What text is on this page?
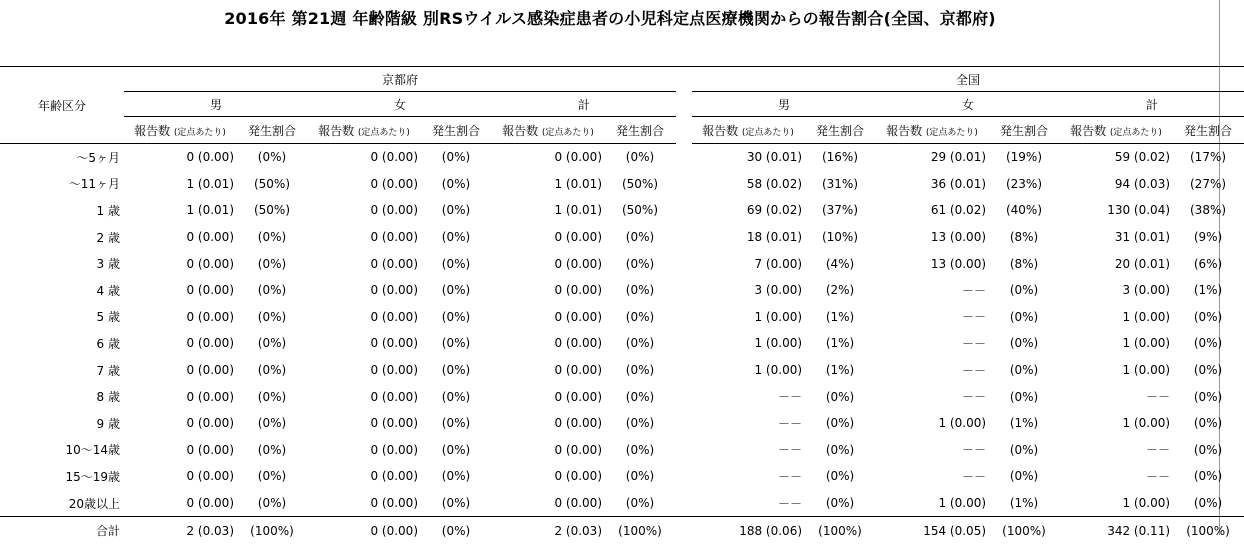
2016年 第21週 年齢階級 別RSウイルス感染症患者の小児科定点医療機関からの報告割合(全国、京都府)
年齢区分	京都府							全国					
	男		女		計			男		女		計	
	報告数 (定点あたり)	発生割合	報告数 (定点あたり)	発生割合	報告数 (定点あたり)	発生割合		報告数 (定点あたり)	発生割合	報告数 (定点あたり)	発生割合	報告数 (定点あたり)	発生割合
～5ヶ月	0 (0.00)	(0%)	0 (0.00)	(0%)	0 (0.00)	(0%)		30 (0.01)	(16%)	29 (0.01)	(19%)	59 (0.02)	(17%)
～11ヶ月	1 (0.01)	(50%)	0 (0.00)	(0%)	1 (0.01)	(50%)		58 (0.02)	(31%)	36 (0.01)	(23%)	94 (0.03)	(27%)
1 歳	1 (0.01)	(50%)	0 (0.00)	(0%)	1 (0.01)	(50%)		69 (0.02)	(37%)	61 (0.02)	(40%)	130 (0.04)	(38%)
2 歳	0 (0.00)	(0%)	0 (0.00)	(0%)	0 (0.00)	(0%)		18 (0.01)	(10%)	13 (0.00)	(8%)	31 (0.01)	(9%)
3 歳	0 (0.00)	(0%)	0 (0.00)	(0%)	0 (0.00)	(0%)		7 (0.00)	(4%)	13 (0.00)	(8%)	20 (0.01)	(6%)
4 歳	0 (0.00)	(0%)	0 (0.00)	(0%)	0 (0.00)	(0%)		3 (0.00)	(2%)	－－	(0%)	3 (0.00)	(1%)
5 歳	0 (0.00)	(0%)	0 (0.00)	(0%)	0 (0.00)	(0%)		1 (0.00)	(1%)	－－	(0%)	1 (0.00)	(0%)
6 歳	0 (0.00)	(0%)	0 (0.00)	(0%)	0 (0.00)	(0%)		1 (0.00)	(1%)	－－	(0%)	1 (0.00)	(0%)
7 歳	0 (0.00)	(0%)	0 (0.00)	(0%)	0 (0.00)	(0%)		1 (0.00)	(1%)	－－	(0%)	1 (0.00)	(0%)
8 歳	0 (0.00)	(0%)	0 (0.00)	(0%)	0 (0.00)	(0%)		－－	(0%)	－－	(0%)	－－	(0%)
9 歳	0 (0.00)	(0%)	0 (0.00)	(0%)	0 (0.00)	(0%)		－－	(0%)	1 (0.00)	(1%)	1 (0.00)	(0%)
10～14歳	0 (0.00)	(0%)	0 (0.00)	(0%)	0 (0.00)	(0%)		－－	(0%)	－－	(0%)	－－	(0%)
15～19歳	0 (0.00)	(0%)	0 (0.00)	(0%)	0 (0.00)	(0%)		－－	(0%)	－－	(0%)	－－	(0%)
20歳以上	0 (0.00)	(0%)	0 (0.00)	(0%)	0 (0.00)	(0%)		－－	(0%)	1 (0.00)	(1%)	1 (0.00)	(0%)
合計	2 (0.03)	(100%)	0 (0.00)	(0%)	2 (0.03)	(100%)		188 (0.06)	(100%)	154 (0.05)	(100%)	342 (0.11)	(100%)
